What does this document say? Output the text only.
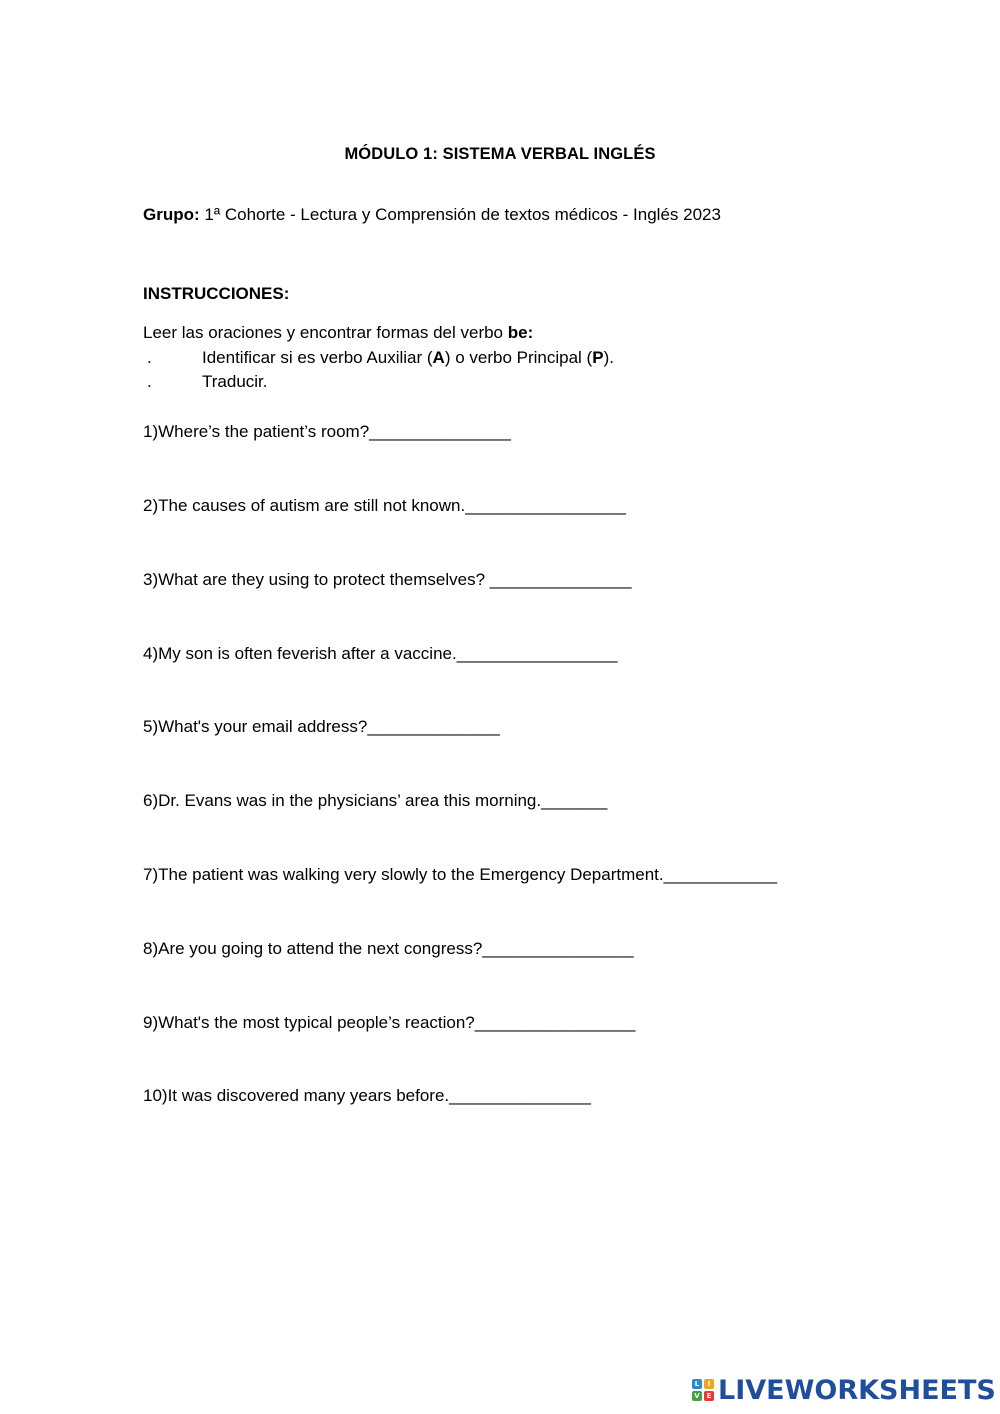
MÓDULO 1: SISTEMA VERBAL INGLÉS
Grupo: 1ª Cohorte - Lectura y Comprensión de textos médicos - Inglés 2023
INSTRUCCIONES:
Leer las oraciones y encontrar formas del verbo be:
.	Identificar si es verbo Auxiliar (A) o verbo Principal (P).
.	Traducir.
1)Where’s the patient’s room?_______________
2)The causes of autism are still not known._________________
3)What are they using to protect themselves? _______________
4)My son is often feverish after a vaccine._________________
5)What's your email address?______________
6)Dr. Evans was in the physicians’ area this morning._______
7)The patient was walking very slowly to the Emergency Department.____________
8)Are you going to attend the next congress?________________
9)What's the most typical people’s reaction?_________________
10)It was discovered many years before._______________
L	I
V E LIVEWORKSHEETS
